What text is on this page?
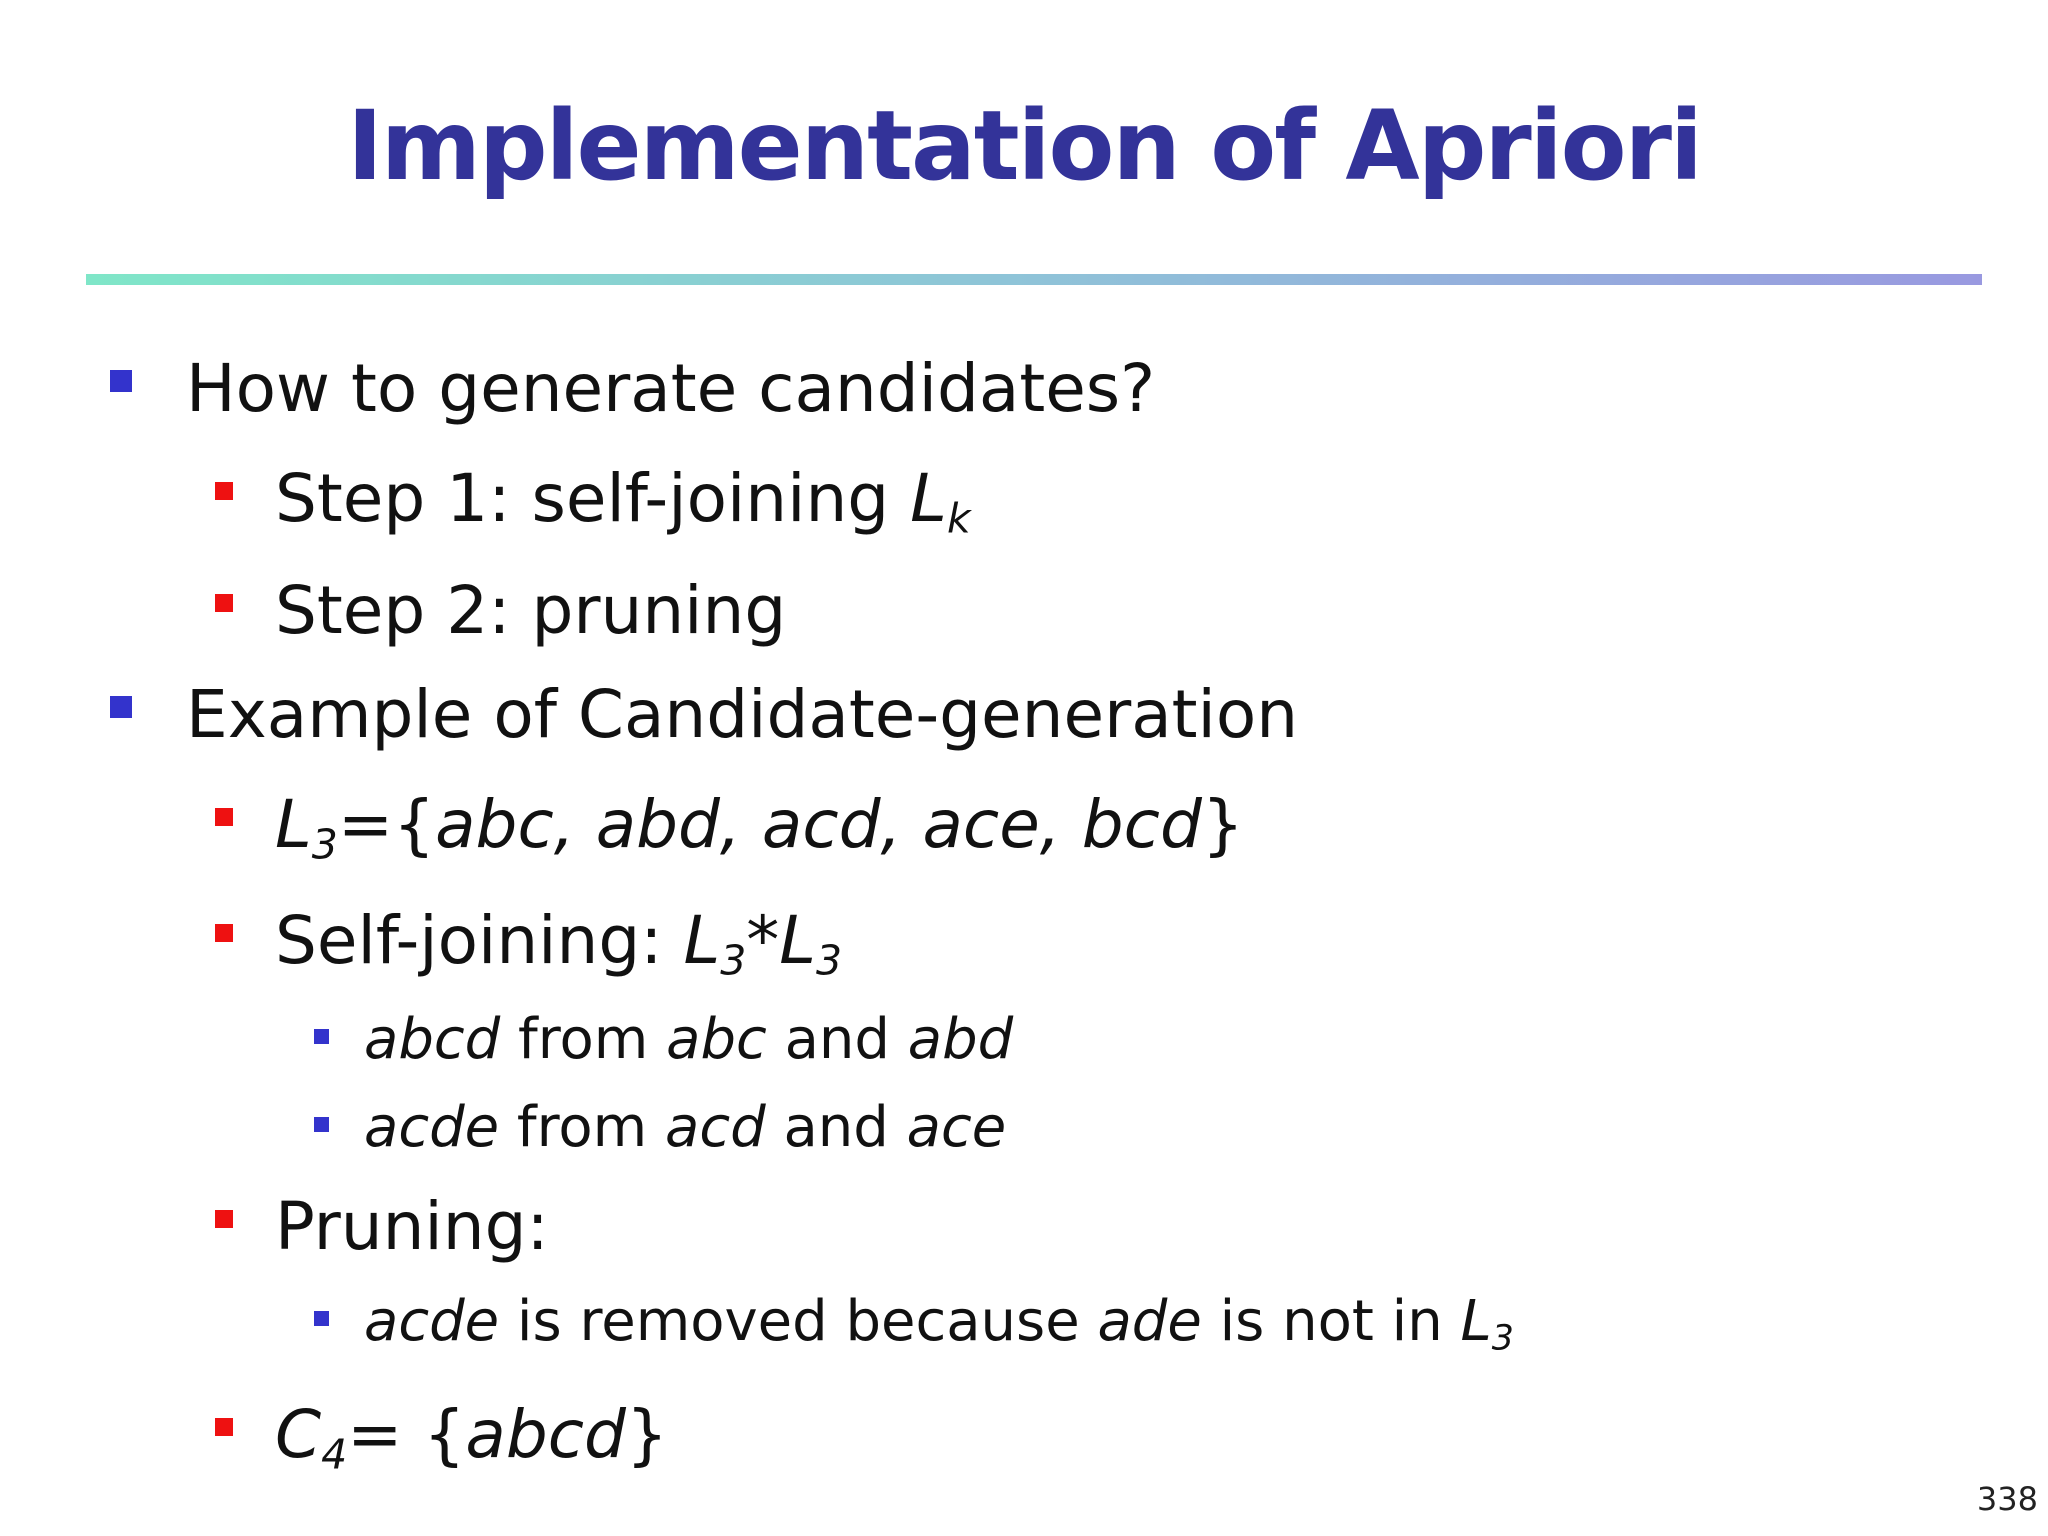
Implementation of Apriori
How to generate candidates?
Step 1: self-joining $L_k$
Step 2: pruning
Example of Candidate-generation
$L_3=\{abc$, abd, acd, ace, bcd}
Self-joining: $L_3*L_3$
abcd from abc and abd
acde from acd and ace
Pruning:
acde is removed because ade is not in $L_3$
$C_4=$ {abcd}
338
